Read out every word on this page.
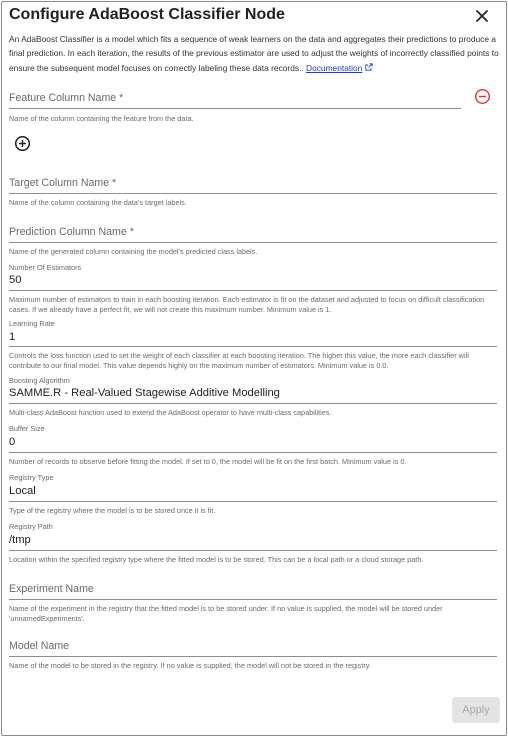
Configure AdaBoost Classifier Node
An AdaBoost Classifier is a model which fits a sequence of weak learners on the data and aggregates their predictions to produce a final prediction. In each iteration, the results of the previous estimator are used to adjust the weights of incorrectly classified points to ensure the subsequent model focuses on correctly labeling these data records.. Documentation
Feature Column Name *
Name of the column containing the feature from the data.
Target Column Name *
Name of the column containing the data's target labels.
Prediction Column Name *
Name of the generated column containing the model's predicted class labels.
Number Of Estimators
50
Maximum number of estimators to train in each boosting iteration. Each estimator is fit on the dataset and adjusted to focus on difficult classification cases. If we already have a perfect fit, we will not create this maximum number. Minimum value is 1.
Learning Rate
1
Controls the loss function used to set the weight of each classifier at each boosting iteration. The higher this value, the more each classifier will contribute to our final model. This value depends highly on the maximum number of estimators. Minimum value is 0.0.
Boosting Algorithm
SAMME.R - Real-Valued Stagewise Additive Modelling
Multi-class AdaBoost function used to extend the AdaBoost operator to have multi-class capabilities.
Buffer Size
0
Number of records to observe before fitting the model. If set to 0, the model will be fit on the first batch. Minimum value is 0.
Registry Type
Local
Type of the registry where the model is to be stored once it is fit.
Registry Path
/tmp
Location within the specified registry type where the fitted model is to be stored. This can be a local path or a cloud storage path.
Experiment Name
Name of the experiment in the registry that the fitted model is to be stored under. If no value is supplied, the model will be stored under 'unnamedExperiments'.
Model Name
Name of the model to be stored in the registry. If no value is supplied, the model will not be stored in the registry.
Apply
